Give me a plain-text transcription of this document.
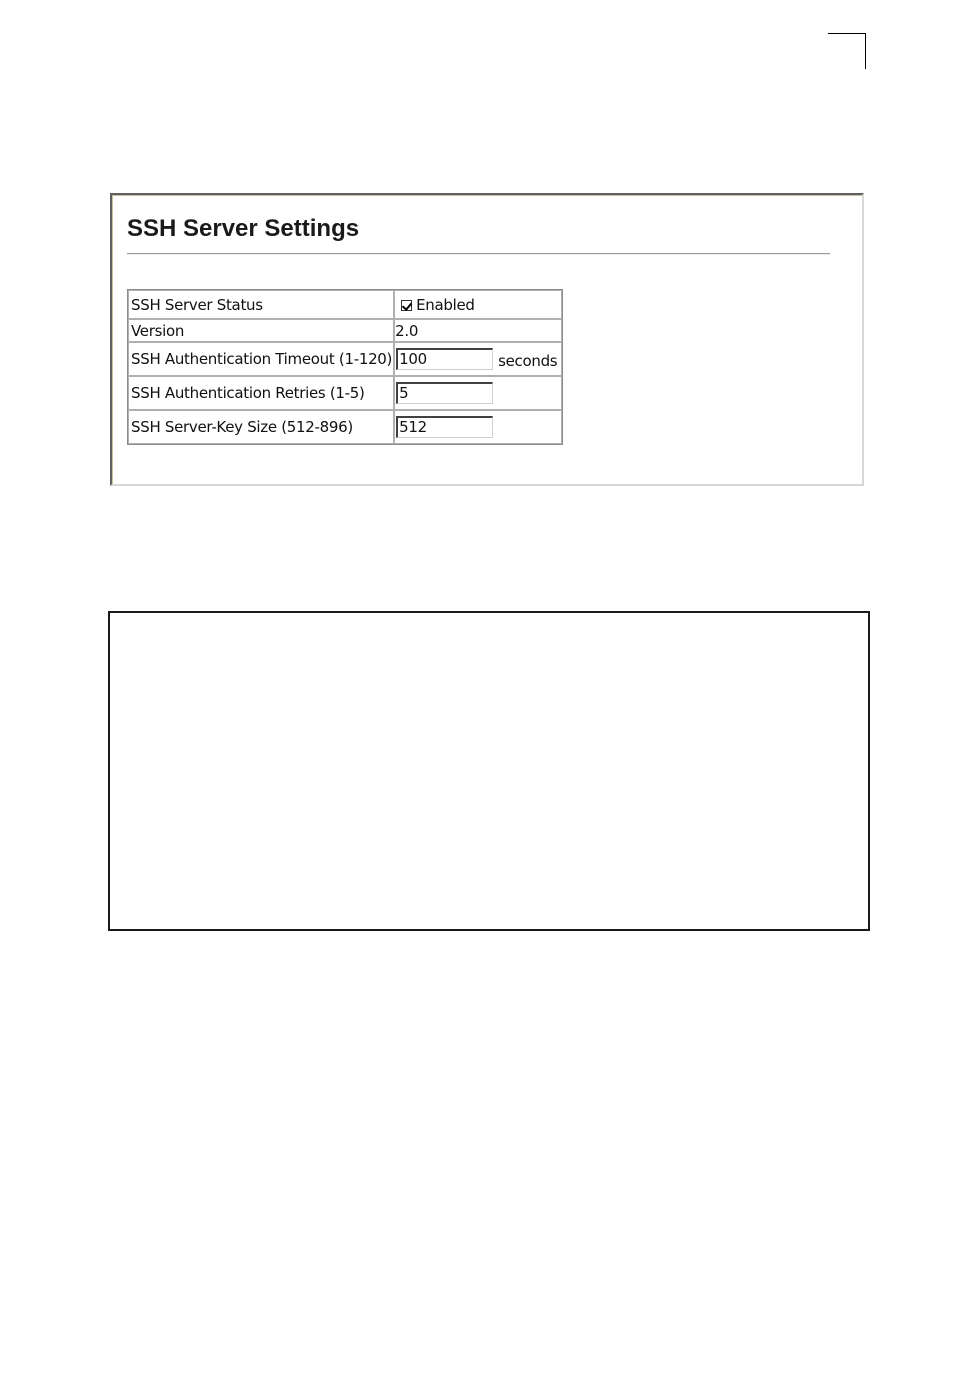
SSH Server Settings
SSH Server Status	Enabled
Version	2.0
SSH Authentication Timeout (1-120)	100 seconds
SSH Authentication Retries (1-5)	5
SSH Server-Key Size (512-896)	512
